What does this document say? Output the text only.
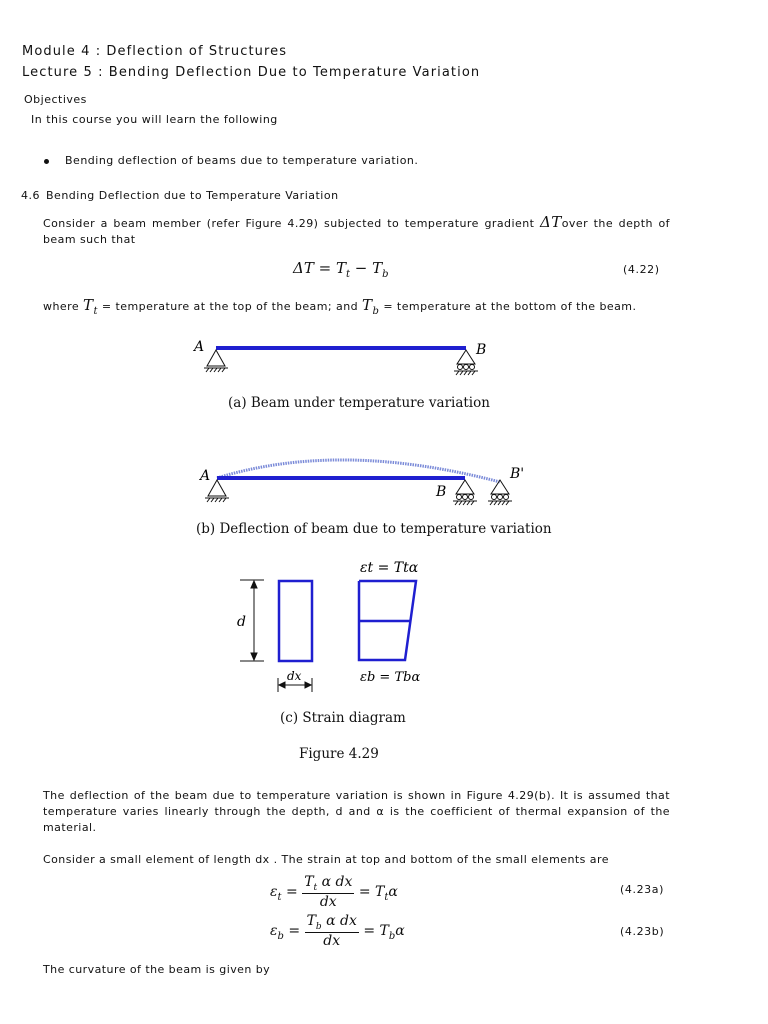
Module 4 : Deflection of Structures
Lecture 5 : Bending Deflection Due to Temperature Variation
Objectives
In this course you will learn the following
Bending deflection of beams due to temperature variation.
4.6 Bending Deflection due to Temperature Variation
Consider a beam member (refer Figure 4.29) subjected to temperature gradient ΔTover the depth of beam such that
$\Delta T = T_t - T_b$	(4.22)
where $T_t$ = temperature at the top of the beam; and $T_b$ = temperature at the bottom of the beam.
A	B
(a) Beam under temperature variation
A	B'
B
(b) Deflection of beam due to temperature variation
εt = Ttα
εb = Tbα
d
dx
(c) Strain diagram
Figure 4.29
The deflection of the beam due to temperature variation is shown in Figure 4.29(b). It is assumed that temperature varies linearly through the depth, d and α is the coefficient of thermal expansion of the material.
Consider a small element of length dx . The strain at top and bottom of the small elements are
$\varepsilon_t = \frac{T_t \alpha dx}{dx} = T_t\alpha$	(4.23a)
$\varepsilon_b = \frac{T_b \alpha dx}{dx} = T_b\alpha$	(4.23b)
The curvature of the beam is given by
